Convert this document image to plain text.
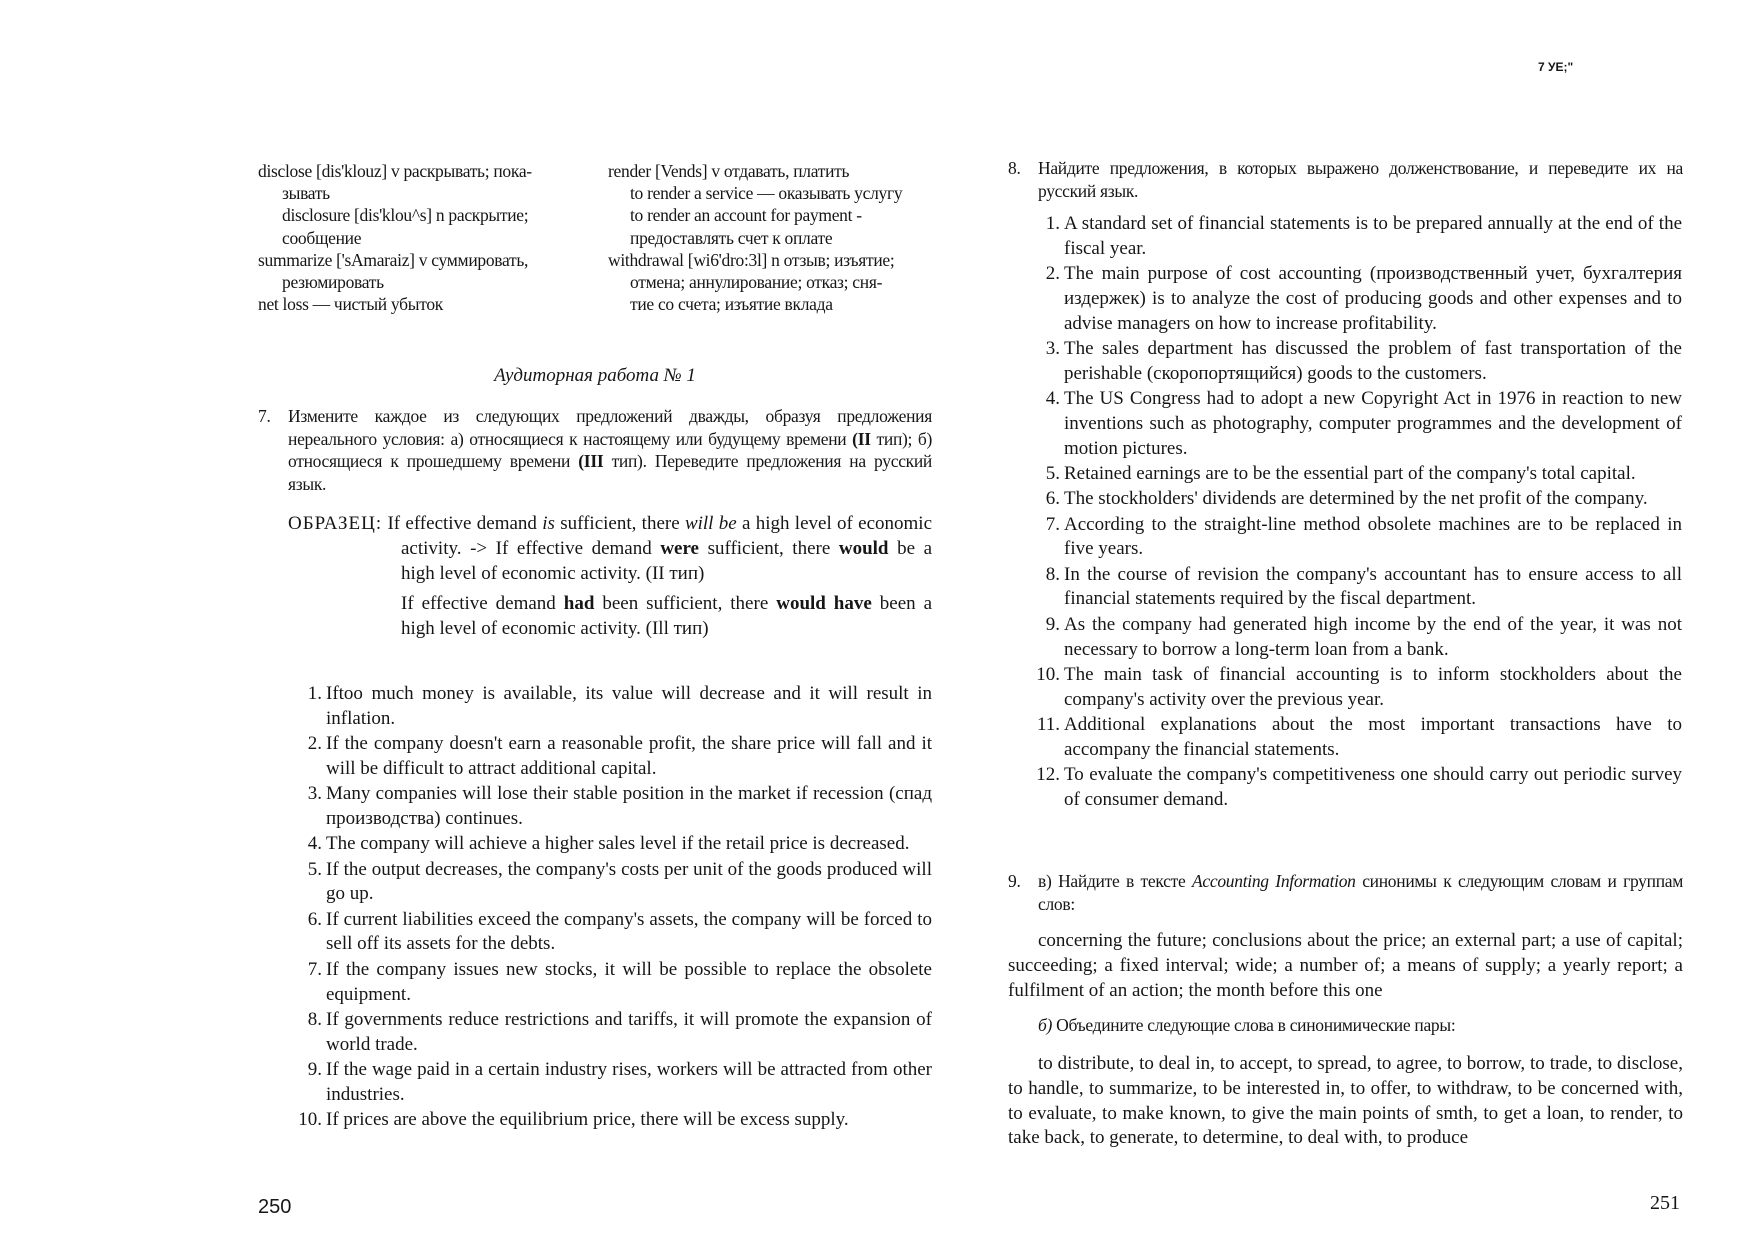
disclose [dis'klouz] v раскрывать; пока-
зывать
disclosure [dis'klou^s] n раскрытие;
сообщение
summarize ['sAmaraiz] v суммировать,
резюмировать
net loss — чистый убыток
render [Vends] v отдавать, платить
to render a service — оказывать услугу
to render an account for payment -
предоставлять счет к оплате
withdrawal [wi6'dro:3l] n отзыв; изъятие;
отмена; аннулирование; отказ; сня-
тие со счета; изъятие вклада
Аудиторная работа № 1
7. Измените каждое из следующих предложений дважды, образуя предложения нереального условия: а) относящиеся к настоящему или будущему времени (II тип); б) относящиеся к прошедшему времени (III тип). Переведите предложения на русский язык.
ОБРАЗЕЦ: If effective demand is sufficient, there will be a high level of economic activity. -> If effective demand were sufficient, there would be a high level of economic activity. (II тип)
If effective demand had been sufficient, there would have been a high level of economic activity. (Ill тип)
1. Iftoo much money is available, its value will decrease and it will result in inflation.
2. If the company doesn't earn a reasonable profit, the share price will fall and it will be difficult to attract additional capital.
3. Many companies will lose their stable position in the market if recession (спад производства) continues.
4. The company will achieve a higher sales level if the retail price is decreased.
5. If the output decreases, the company's costs per unit of the goods produced will go up.
6. If current liabilities exceed the company's assets, the company will be forced to sell off its assets for the debts.
7. If the company issues new stocks, it will be possible to replace the obsolete equipment.
8. If governments reduce restrictions and tariffs, it will promote the expansion of world trade.
9. If the wage paid in a certain industry rises, workers will be attracted from other industries.
10. If prices are above the equilibrium price, there will be excess supply.
250
7 УЕ;"
8. Найдите предложения, в которых выражено долженствование, и переведите их на русский язык.
1. A standard set of financial statements is to be prepared annually at the end of the fiscal year.
2. The main purpose of cost accounting (производственный учет, бухгалтерия издержек) is to analyze the cost of producing goods and other expenses and to advise managers on how to increase profitability.
3. The sales department has discussed the problem of fast transportation of the perishable (скоропортящийся) goods to the customers.
4. The US Congress had to adopt a new Copyright Act in 1976 in reaction to new inventions such as photography, computer programmes and the development of motion pictures.
5. Retained earnings are to be the essential part of the company's total capital.
6. The stockholders' dividends are determined by the net profit of the company.
7. According to the straight-line method obsolete machines are to be replaced in five years.
8. In the course of revision the company's accountant has to ensure access to all financial statements required by the fiscal department.
9. As the company had generated high income by the end of the year, it was not necessary to borrow a long-term loan from a bank.
10. The main task of financial accounting is to inform stockholders about the company's activity over the previous year.
11. Additional explanations about the most important transactions have to accompany the financial statements.
12. To evaluate the company's competitiveness one should carry out periodic survey of consumer demand.
9. в) Найдите в тексте Accounting Information синонимы к следующим словам и группам слов:
concerning the future; conclusions about the price; an external part; a use of capital; succeeding; a fixed interval; wide; a number of; a means of supply; a yearly report; a fulfilment of an action; the month before this one
б) Объедините следующие слова в синонимические пары:
to distribute, to deal in, to accept, to spread, to agree, to borrow, to trade, to disclose, to handle, to summarize, to be interested in, to offer, to withdraw, to be concerned with, to evaluate, to make known, to give the main points of smth, to get a loan, to render, to take back, to generate, to determine, to deal with, to produce
251
